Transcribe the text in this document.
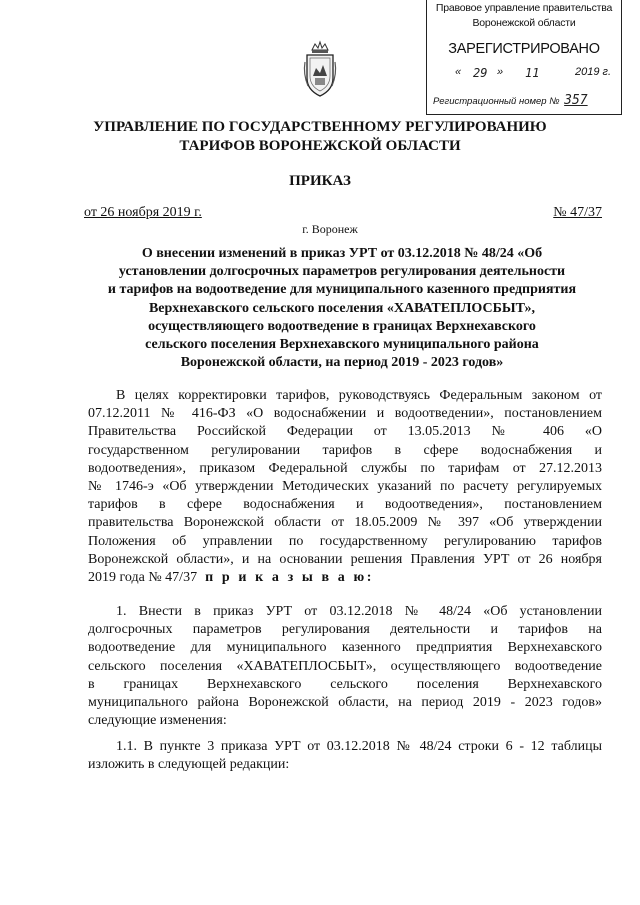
Правовое управление правительства
Воронежской области
ЗАРЕГИСТРИРОВАНО
« 29 » 11	2019 г.
Регистрационный номер № 357
УПРАВЛЕНИЕ ПО ГОСУДАРСТВЕННОМУ РЕГУЛИРОВАНИЮ
ТАРИФОВ ВОРОНЕЖСКОЙ ОБЛАСТИ
ПРИКАЗ
от 26 ноября 2019 г.	№ 47/37
г. Воронеж
О внесении изменений в приказ УРТ от 03.12.2018 № 48/24 «Об
установлении долгосрочных параметров регулирования деятельности
и тарифов на водоотведение для муниципального казенного предприятия
Верхнехавского сельского поселения «ХАВАТЕПЛОСБЫТ»,
осуществляющего водоотведение в границах Верхнехавского
сельского поселения Верхнехавского муниципального района
Воронежской области, на период 2019 - 2023 годов»
В целях корректировки тарифов, руководствуясь Федеральным законом от
07.12.2011 № 416-ФЗ «О водоснабжении и водоотведении», постановлением
Правительства Российской Федерации от 13.05.2013 № 406 «О
государственном регулировании тарифов в сфере водоснабжения и
водоотведения», приказом Федеральной службы по тарифам от 27.12.2013
№ 1746-э «Об утверждении Методических указаний по расчету регулируемых
тарифов в сфере водоснабжения и водоотведения», постановлением
правительства Воронежской области от 18.05.2009 № 397 «Об утверждении
Положения об управлении по государственному регулированию тарифов
Воронежской области», и на основании решения Правления УРТ от 26 ноября
2019 года № 47/37 п р и к а з ы в а ю:
1. Внести в приказ УРТ от 03.12.2018 № 48/24 «Об установлении
долгосрочных параметров регулирования деятельности и тарифов на
водоотведение для муниципального казенного предприятия Верхнехавского
сельского поселения «ХАВАТЕПЛОСБЫТ», осуществляющего водоотведение
в границах Верхнехавского сельского поселения Верхнехавского
муниципального района Воронежской области, на период 2019 - 2023 годов»
следующие изменения:
1.1. В пункте 3 приказа УРТ от 03.12.2018 № 48/24 строки 6 - 12 таблицы
изложить в следующей редакции:
